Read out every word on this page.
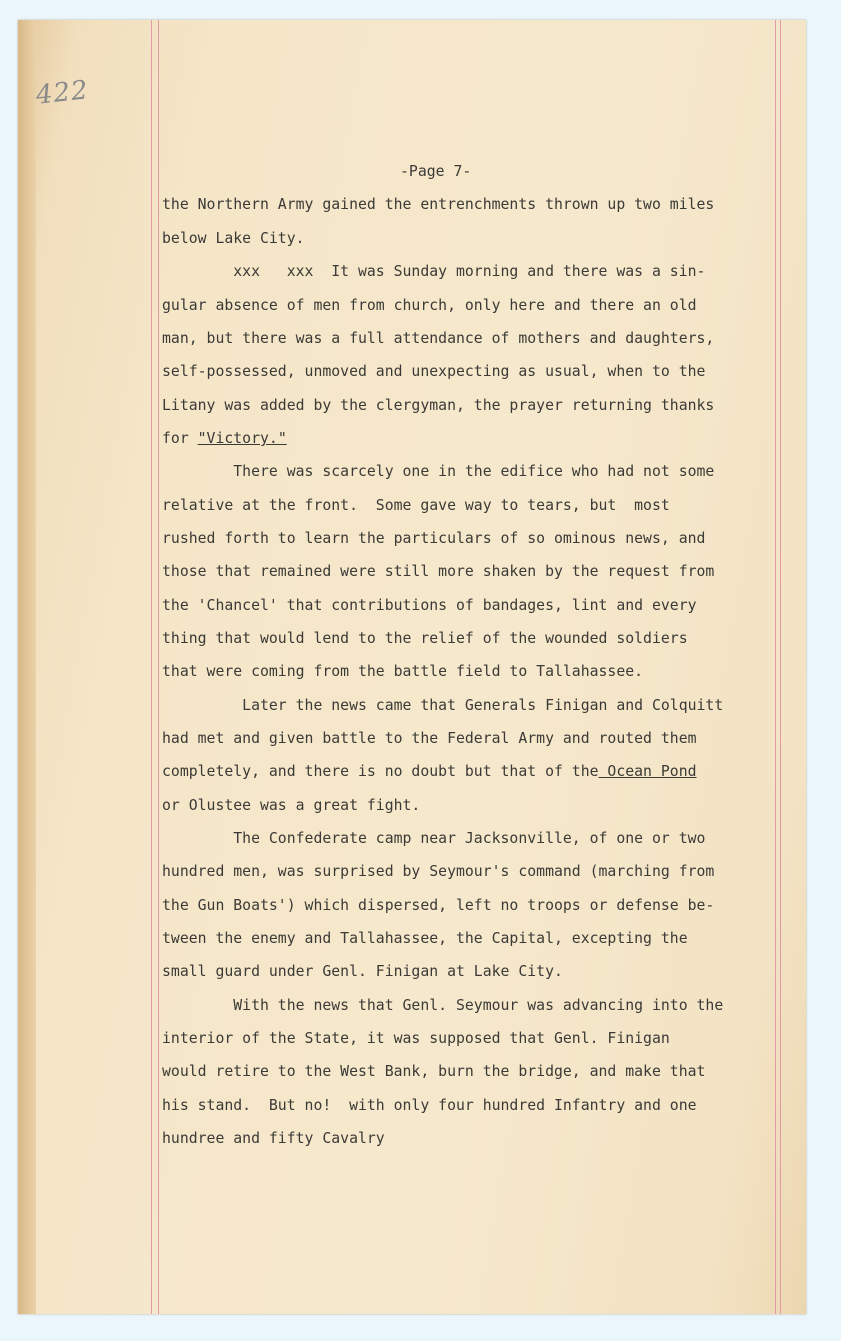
422
-Page 7-
the Northern Army gained the entrenchments thrown up two miles
below Lake City.
xxx   xxx  It was Sunday morning and there was a sin-
gular absence of men from church, only here and there an old
man, but there was a full attendance of mothers and daughters,
self-possessed, unmoved and unexpecting as usual, when to the
Litany was added by the clergyman, the prayer returning thanks
for "Victory."
There was scarcely one in the edifice who had not some
relative at the front.  Some gave way to tears, but  most
rushed forth to learn the particulars of so ominous news, and
those that remained were still more shaken by the request from
the 'Chancel' that contributions of bandages, lint and every
thing that would lend to the relief of the wounded soldiers
that were coming from the battle field to Tallahassee.
Later the news came that Generals Finigan and Colquitt
had met and given battle to the Federal Army and routed them
completely, and there is no doubt but that of the Ocean Pond
or Olustee was a great fight.
The Confederate camp near Jacksonville, of one or two
hundred men, was surprised by Seymour's command (marching from
the Gun Boats') which dispersed, left no troops or defense be-
tween the enemy and Tallahassee, the Capital, excepting the
small guard under Genl. Finigan at Lake City.
With the news that Genl. Seymour was advancing into the
interior of the State, it was supposed that Genl. Finigan
would retire to the West Bank, burn the bridge, and make that
his stand.  But no!  with only four hundred Infantry and one
hundree and fifty Cavalry
